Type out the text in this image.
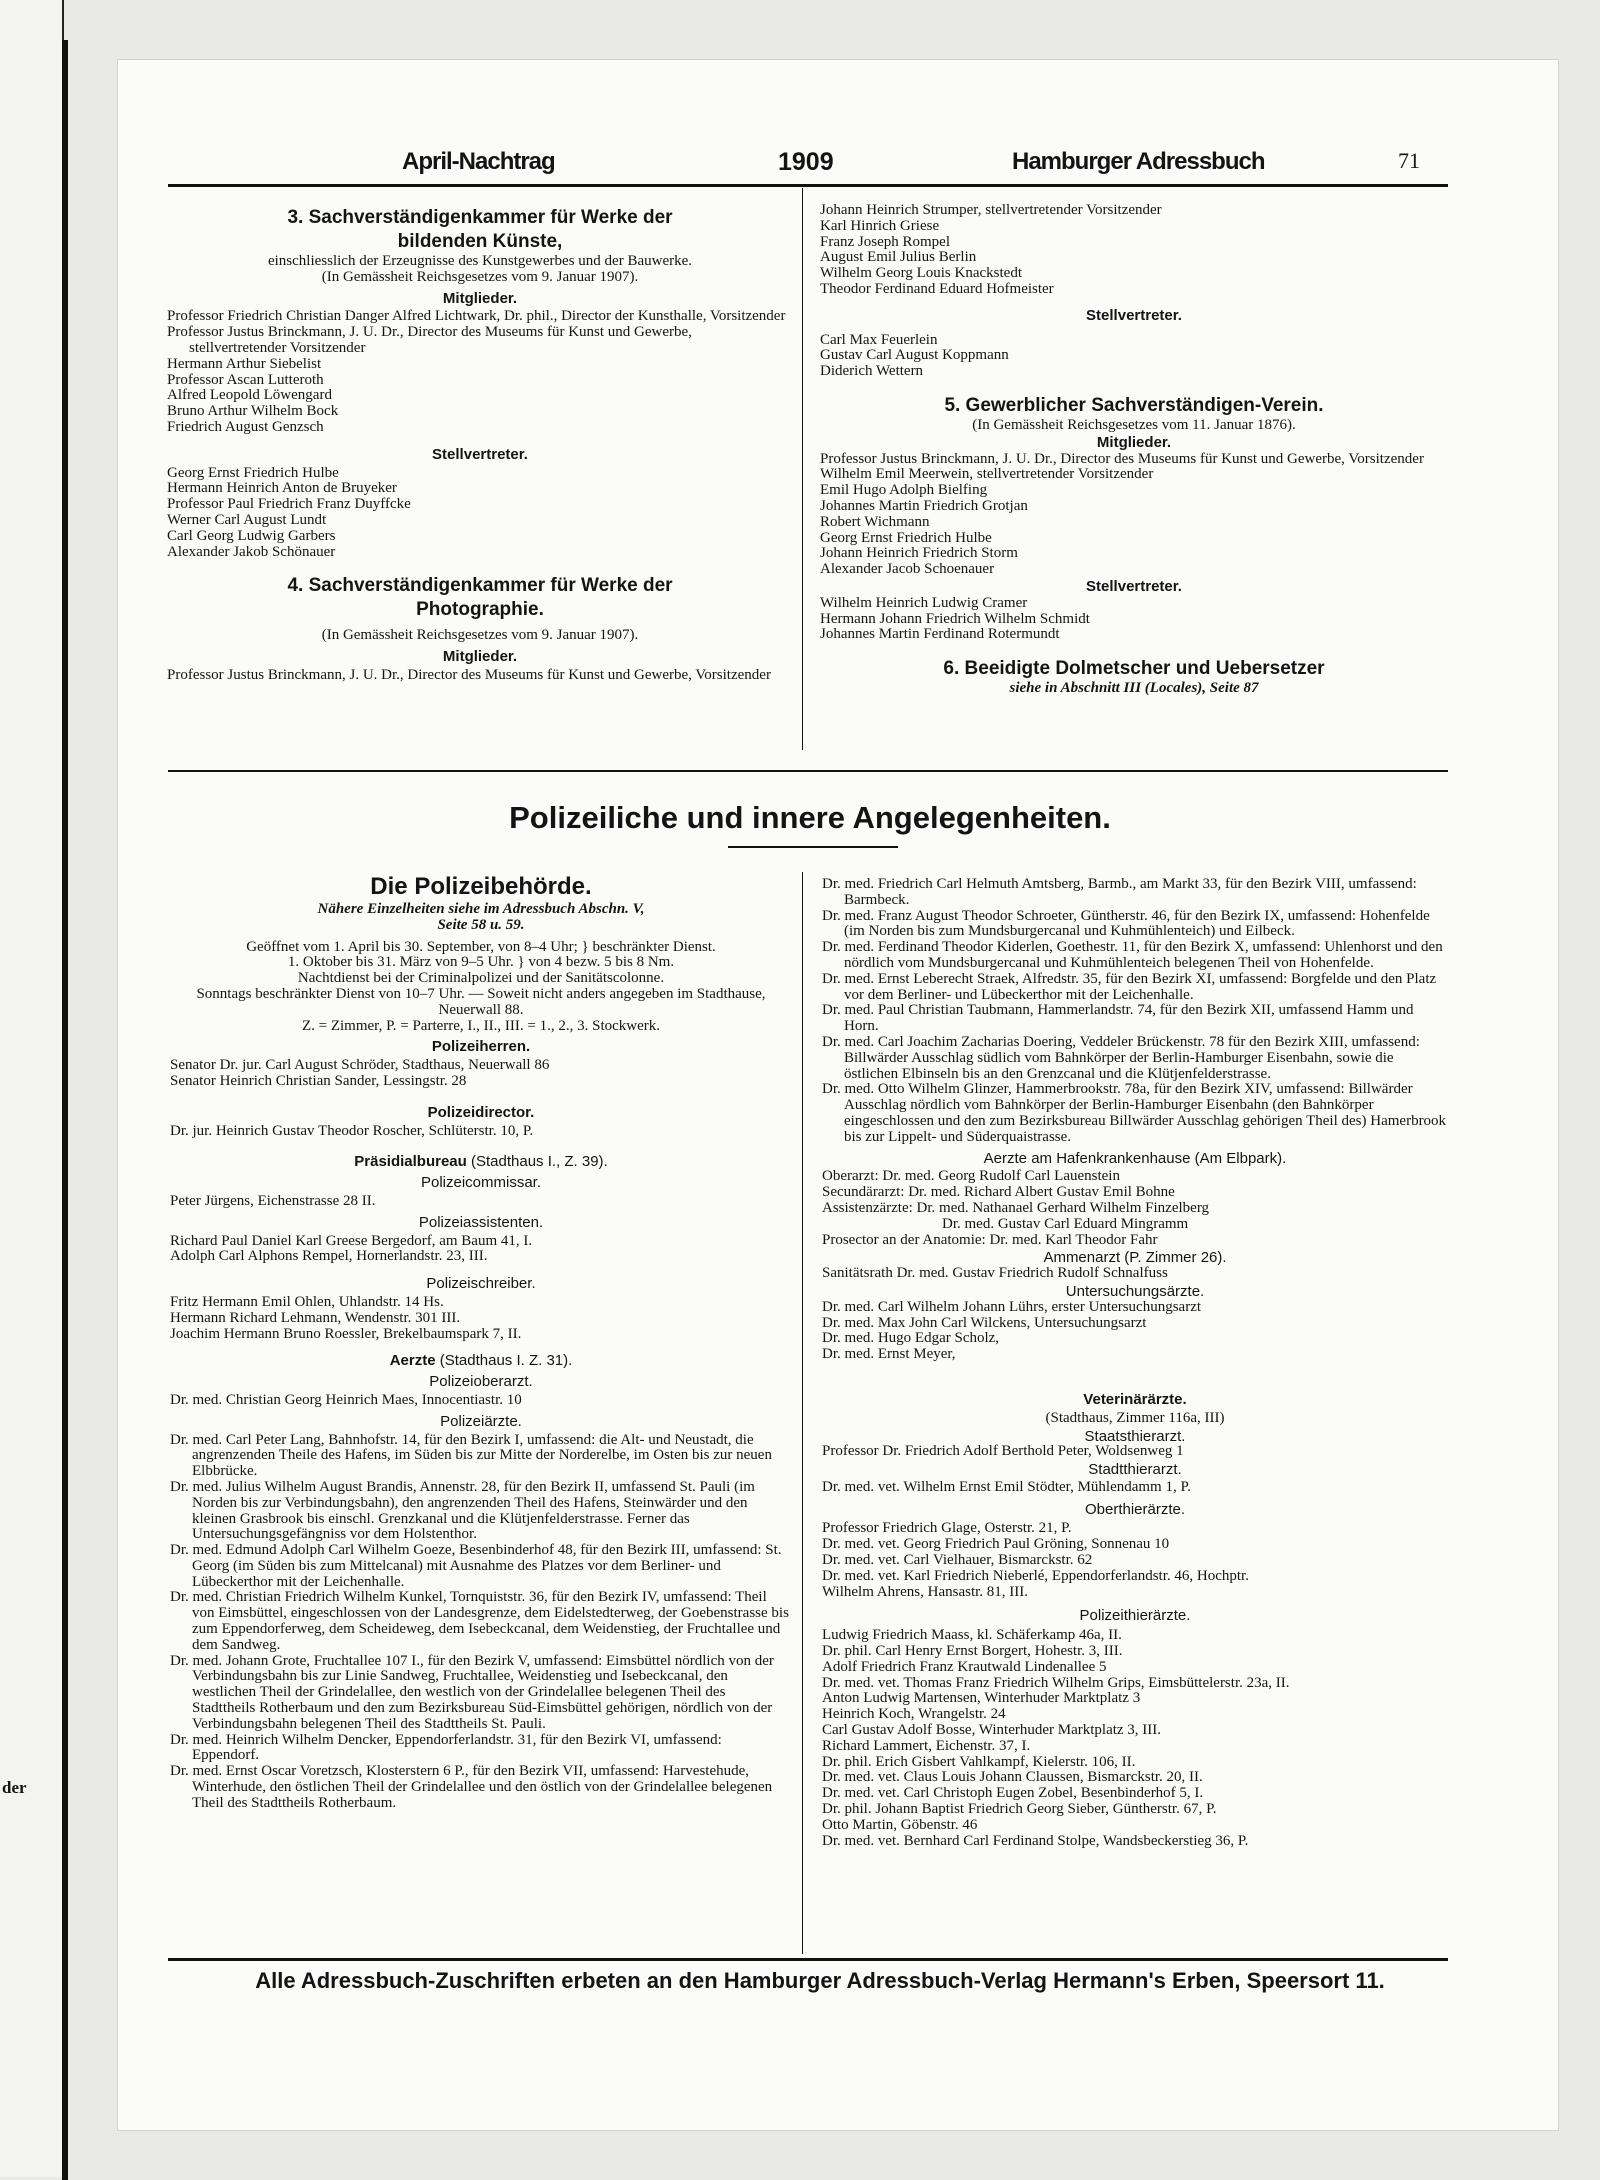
der
April-Nachtrag	1909	Hamburger Adressbuch	71

3. Sachverständigenkammer für Werke der

bildenden Künste,

einschliesslich der Erzeugnisse des Kunstgewerbes und der Bauwerke.

(In Gemässheit Reichsgesetzes vom 9. Januar 1907).

Mitglieder.

Professor Friedrich Christian Danger Alfred Lichtwark, Dr. phil., Director der Kunsthalle, Vorsitzender

Professor Justus Brinckmann, J. U. Dr., Director des Museums für Kunst und Gewerbe, stellvertretender Vorsitzender

Hermann Arthur Siebelist

Professor Ascan Lutteroth

Alfred Leopold Löwengard

Bruno Arthur Wilhelm Bock

Friedrich August Genzsch

Stellvertreter.

Georg Ernst Friedrich Hulbe

Hermann Heinrich Anton de Bruyeker

Professor Paul Friedrich Franz Duyffcke

Werner Carl August Lundt

Carl Georg Ludwig Garbers

Alexander Jakob Schönauer

4. Sachverständigenkammer für Werke der

Photographie.

(In Gemässheit Reichsgesetzes vom 9. Januar 1907).

Mitglieder.

Professor Justus Brinckmann, J. U. Dr., Director des Museums für Kunst und Gewerbe, Vorsitzender

Johann Heinrich Strumper, stellvertretender Vorsitzender

Karl Hinrich Griese

Franz Joseph Rompel

August Emil Julius Berlin

Wilhelm Georg Louis Knackstedt

Theodor Ferdinand Eduard Hofmeister

Stellvertreter.

Carl Max Feuerlein

Gustav Carl August Koppmann

Diderich Wettern

5. Gewerblicher Sachverständigen-Verein.

(In Gemässheit Reichsgesetzes vom 11. Januar 1876).

Mitglieder.

Professor Justus Brinckmann, J. U. Dr., Director des Museums für Kunst und Gewerbe, Vorsitzender

Wilhelm Emil Meerwein, stellvertretender Vorsitzender

Emil Hugo Adolph Bielfing

Johannes Martin Friedrich Grotjan

Robert Wichmann

Georg Ernst Friedrich Hulbe

Johann Heinrich Friedrich Storm

Alexander Jacob Schoenauer

Stellvertreter.

Wilhelm Heinrich Ludwig Cramer

Hermann Johann Friedrich Wilhelm Schmidt

Johannes Martin Ferdinand Rotermundt

6. Beeidigte Dolmetscher und Uebersetzer

siehe in Abschnitt III (Locales), Seite 87

Polizeiliche und innere Angelegenheiten.

Die Polizeibehörde.

Nähere Einzelheiten siehe im Adressbuch Abschn. V,

Seite 58 u. 59.

Geöffnet vom 1. April bis 30. September, von 8–4 Uhr; } beschränkter Dienst.

1. Oktober bis 31. März von 9–5 Uhr. } von 4 bezw. 5 bis 8 Nm.

Nachtdienst bei der Criminalpolizei und der Sanitätscolonne.

Sonntags beschränkter Dienst von 10–7 Uhr. — Soweit nicht anders angegeben im Stadthause, Neuerwall 88.

Z. = Zimmer, P. = Parterre, I., II., III. = 1., 2., 3. Stockwerk.

Polizeiherren.

Senator Dr. jur. Carl August Schröder, Stadthaus, Neuerwall 86

Senator Heinrich Christian Sander, Lessingstr. 28

Polizeidirector.

Dr. jur. Heinrich Gustav Theodor Roscher, Schlüterstr. 10, P.

Präsidialbureau (Stadthaus I., Z. 39).

Polizeicommissar.

Peter Jürgens, Eichenstrasse 28 II.

Polizeiassistenten.

Richard Paul Daniel Karl Greese Bergedorf, am Baum 41, I.

Adolph Carl Alphons Rempel, Hornerlandstr. 23, III.

Polizeischreiber.

Fritz Hermann Emil Ohlen, Uhlandstr. 14 Hs.

Hermann Richard Lehmann, Wendenstr. 301 III.

Joachim Hermann Bruno Roessler, Brekelbaumspark 7, II.

Aerzte (Stadthaus I. Z. 31).

Polizeioberarzt.

Dr. med. Christian Georg Heinrich Maes, Innocentiastr. 10

Polizeiärzte.

Dr. med. Carl Peter Lang, Bahnhofstr. 14, für den Bezirk I, umfassend: die Alt- und Neustadt, die angrenzenden Theile des Hafens, im Süden bis zur Mitte der Norderelbe, im Osten bis zur neuen Elbbrücke.

Dr. med. Julius Wilhelm August Brandis, Annenstr. 28, für den Bezirk II, umfassend St. Pauli (im Norden bis zur Verbindungsbahn), den angrenzenden Theil des Hafens, Steinwärder und den kleinen Grasbrook bis einschl. Grenzkanal und die Klütjenfelderstrasse. Ferner das Untersuchungsgefängniss vor dem Holstenthor.

Dr. med. Edmund Adolph Carl Wilhelm Goeze, Besenbinderhof 48, für den Bezirk III, umfassend: St. Georg (im Süden bis zum Mittelcanal) mit Ausnahme des Platzes vor dem Berliner- und Lübeckerthor mit der Leichenhalle.

Dr. med. Christian Friedrich Wilhelm Kunkel, Tornquiststr. 36, für den Bezirk IV, umfassend: Theil von Eimsbüttel, eingeschlossen von der Landesgrenze, dem Eidelstedterweg, der Goebenstrasse bis zum Eppendorferweg, dem Scheideweg, dem Isebeckcanal, dem Weidenstieg, der Fruchtallee und dem Sandweg.

Dr. med. Johann Grote, Fruchtallee 107 I., für den Bezirk V, umfassend: Eimsbüttel nördlich von der Verbindungsbahn bis zur Linie Sandweg, Fruchtallee, Weidenstieg und Isebeckcanal, den westlichen Theil der Grindelallee, den westlich von der Grindelallee belegenen Theil des Stadttheils Rotherbaum und den zum Bezirksbureau Süd-Eimsbüttel gehörigen, nördlich von der Verbindungsbahn belegenen Theil des Stadttheils St. Pauli.

Dr. med. Heinrich Wilhelm Dencker, Eppendorferlandstr. 31, für den Bezirk VI, umfassend: Eppendorf.

Dr. med. Ernst Oscar Voretzsch, Klosterstern 6 P., für den Bezirk VII, umfassend: Harvestehude, Winterhude, den östlichen Theil der Grindelallee und den östlich von der Grindelallee belegenen Theil des Stadttheils Rotherbaum.

Dr. med. Friedrich Carl Helmuth Amtsberg, Barmb., am Markt 33, für den Bezirk VIII, umfassend: Barmbeck.

Dr. med. Franz August Theodor Schroeter, Güntherstr. 46, für den Bezirk IX, umfassend: Hohenfelde (im Norden bis zum Mundsburgercanal und Kuhmühlenteich) und Eilbeck.

Dr. med. Ferdinand Theodor Kiderlen, Goethestr. 11, für den Bezirk X, umfassend: Uhlenhorst und den nördlich vom Mundsburgercanal und Kuhmühlenteich belegenen Theil von Hohenfelde.

Dr. med. Ernst Leberecht Straek, Alfredstr. 35, für den Bezirk XI, umfassend: Borgfelde und den Platz vor dem Berliner- und Lübeckerthor mit der Leichenhalle.

Dr. med. Paul Christian Taubmann, Hammerlandstr. 74, für den Bezirk XII, umfassend Hamm und Horn.

Dr. med. Carl Joachim Zacharias Doering, Veddeler Brückenstr. 78 für den Bezirk XIII, umfassend: Billwärder Ausschlag südlich vom Bahnkörper der Berlin-Hamburger Eisenbahn, sowie die östlichen Elbinseln bis an den Grenzcanal und die Klütjenfelderstrasse.

Dr. med. Otto Wilhelm Glinzer, Hammerbrookstr. 78a, für den Bezirk XIV, umfassend: Billwärder Ausschlag nördlich vom Bahnkörper der Berlin-Hamburger Eisenbahn (den Bahnkörper eingeschlossen und den zum Bezirksbureau Billwärder Ausschlag gehörigen Theil des) Hamerbrook bis zur Lippelt- und Süderquaistrasse.

Aerzte am Hafenkrankenhause (Am Elbpark).

Oberarzt: Dr. med. Georg Rudolf Carl Lauenstein

Secundärarzt: Dr. med. Richard Albert Gustav Emil Bohne

Assistenzärzte: Dr. med. Nathanael Gerhard Wilhelm Finzelberg

Dr. med. Gustav Carl Eduard Mingramm

Prosector an der Anatomie: Dr. med. Karl Theodor Fahr

Ammenarzt (P. Zimmer 26).

Sanitätsrath Dr. med. Gustav Friedrich Rudolf Schnalfuss

Untersuchungsärzte.

Dr. med. Carl Wilhelm Johann Lührs, erster Untersuchungsarzt

Dr. med. Max John Carl Wilckens, Untersuchungsarzt

Dr. med. Hugo Edgar Scholz,

Dr. med. Ernst Meyer,

Veterinärärzte.

(Stadthaus, Zimmer 116a, III)

Staatsthierarzt.

Professor Dr. Friedrich Adolf Berthold Peter, Woldsenweg 1

Stadtthierarzt.

Dr. med. vet. Wilhelm Ernst Emil Stödter, Mühlendamm 1, P.

Oberthierärzte.

Professor Friedrich Glage, Osterstr. 21, P.

Dr. med. vet. Georg Friedrich Paul Gröning, Sonnenau 10

Dr. med. vet. Carl Vielhauer, Bismarckstr. 62

Dr. med. vet. Karl Friedrich Nieberlé, Eppendorferlandstr. 46, Hochptr.

Wilhelm Ahrens, Hansastr. 81, III.

Polizeithierärzte.

Ludwig Friedrich Maass, kl. Schäferkamp 46a, II.

Dr. phil. Carl Henry Ernst Borgert, Hohestr. 3, III.

Adolf Friedrich Franz Krautwald Lindenallee 5

Dr. med. vet. Thomas Franz Friedrich Wilhelm Grips, Eimsbüttelerstr. 23a, II.

Anton Ludwig Martensen, Winterhuder Marktplatz 3

Heinrich Koch, Wrangelstr. 24

Carl Gustav Adolf Bosse, Winterhuder Marktplatz 3, III.

Richard Lammert, Eichenstr. 37, I.

Dr. phil. Erich Gisbert Vahlkampf, Kielerstr. 106, II.

Dr. med. vet. Claus Louis Johann Claussen, Bismarckstr. 20, II.

Dr. med. vet. Carl Christoph Eugen Zobel, Besenbinderhof 5, I.

Dr. phil. Johann Baptist Friedrich Georg Sieber, Güntherstr. 67, P.

Otto Martin, Göbenstr. 46

Dr. med. vet. Bernhard Carl Ferdinand Stolpe, Wandsbeckerstieg 36, P.

Alle Adressbuch-Zuschriften erbeten an den Hamburger Adressbuch-Verlag Hermann's Erben, Speersort 11.
